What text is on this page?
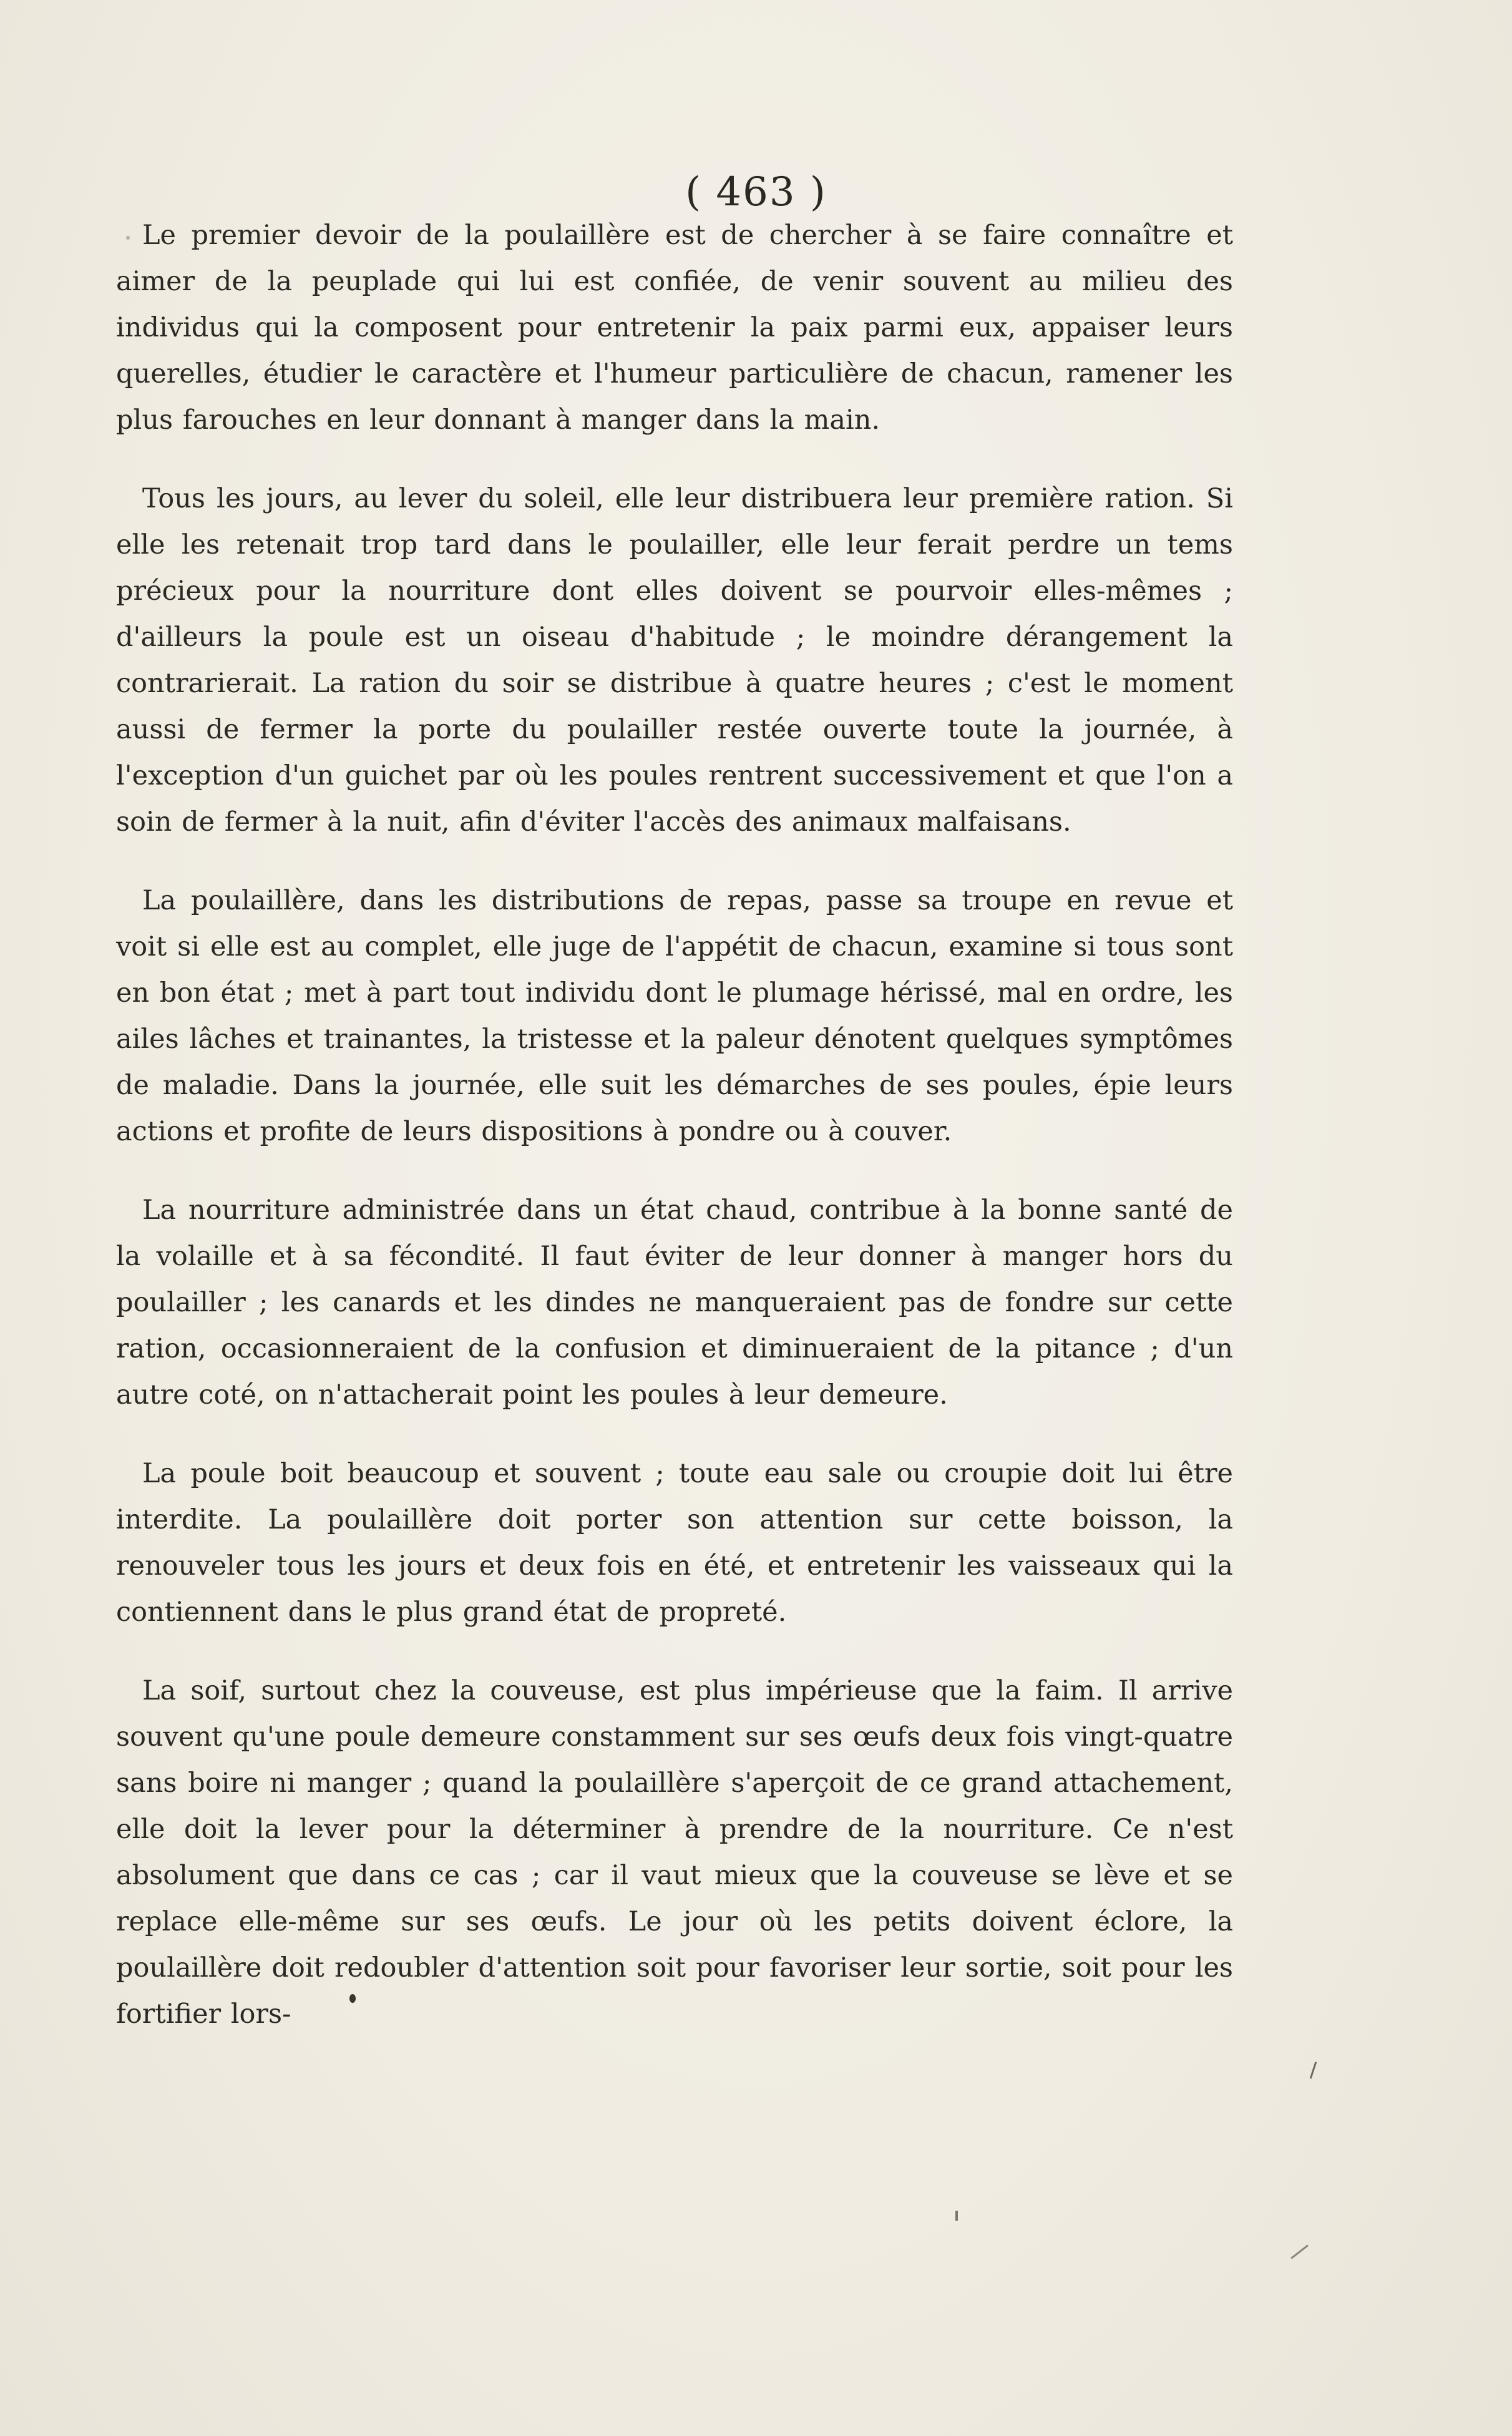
( 463 )

Le premier devoir de la poulaillère est de chercher à se faire connaître et aimer de la peuplade qui lui est confiée, de venir souvent au milieu des individus qui la composent pour entretenir la paix parmi eux, appaiser leurs querelles, étudier le caractère et l'humeur particulière de chacun, ramener les plus farouches en leur donnant à manger dans la main.

Tous les jours, au lever du soleil, elle leur distribuera leur première ration. Si elle les retenait trop tard dans le poulailler, elle leur ferait perdre un tems précieux pour la nourriture dont elles doivent se pourvoir elles-mêmes ; d'ailleurs la poule est un oiseau d'habitude ; le moindre dérangement la contrarierait. La ration du soir se distribue à quatre heures ; c'est le moment aussi de fermer la porte du poulailler restée ouverte toute la journée, à l'exception d'un guichet par où les poules rentrent successivement et que l'on a soin de fermer à la nuit, afin d'éviter l'accès des animaux malfaisans.

La poulaillère, dans les distributions de repas, passe sa troupe en revue et voit si elle est au complet, elle juge de l'appétit de chacun, examine si tous sont en bon état ; met à part tout individu dont le plumage hérissé, mal en ordre, les ailes lâches et trainantes, la tristesse et la paleur dénotent quelques symptômes de maladie. Dans la journée, elle suit les démarches de ses poules, épie leurs actions et profite de leurs dispositions à pondre ou à couver.

La nourriture administrée dans un état chaud, contribue à la bonne santé de la volaille et à sa fécondité. Il faut éviter de leur donner à manger hors du poulailler ; les canards et les dindes ne manqueraient pas de fondre sur cette ration, occasionneraient de la confusion et diminueraient de la pitance ; d'un autre coté, on n'attacherait point les poules à leur demeure.

La poule boit beaucoup et souvent ; toute eau sale ou croupie doit lui être interdite. La poulaillère doit porter son attention sur cette boisson, la renouveler tous les jours et deux fois en été, et entretenir les vaisseaux qui la contiennent dans le plus grand état de propreté.

La soif, surtout chez la couveuse, est plus impérieuse que la faim. Il arrive souvent qu'une poule demeure constamment sur ses œufs deux fois vingt-quatre sans boire ni manger ; quand la poulaillère s'aperçoit de ce grand attachement, elle doit la lever pour la déterminer à prendre de la nourriture. Ce n'est absolument que dans ce cas ; car il vaut mieux que la couveuse se lève et se replace elle-même sur ses œufs. Le jour où les petits doivent éclore, la poulaillère doit redoubler d'attention soit pour favoriser leur sortie, soit pour les fortifier lors-
